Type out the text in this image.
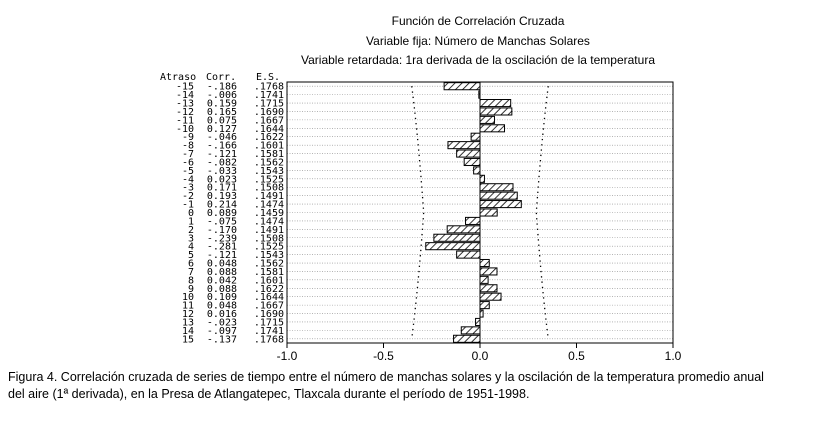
Función de Correlación Cruzada
Variable fija: Número de Manchas Solares
Variable retardada: 1ra derivada de la oscilación de la temperatura
Atraso Corr. E.S.
-15 -.186 .1768
-14 -.006 .1741
-13 0.159 .1715
-12 0.165 .1690
-11 0.075 .1667
-10 0.127 .1644
-9 -.046 .1622
-8 -.166 .1601
-7 -.121 .1581
-6 -.082 .1562
-5 -.033 .1543
-4 0.023 .1525
-3 0.171 .1508
-2 0.193 .1491
-1 0.214 .1474
0 0.089 .1459
1 -.075 .1474
2 -.170 .1491
3 -.239 .1508
4 -.281 .1525
5 -.121 .1543
6 0.048 .1562
7 0.088 .1581
8 0.042 .1601
9 0.088 .1622
10 0.109 .1644
11 0.048 .1667
12 0.016 .1690
13 -.023 .1715
14 -.097 .1741
15 -.137 .1768
-1.0	-0.5	0.0	0.5	1.0

Figura 4. Correlación cruzada de series de tiempo entre el número de manchas solares y la oscilación de la temperatura promedio anual
del aire (1ª derivada), en la Presa de Atlangatepec, Tlaxcala durante el período de 1951-1998.
